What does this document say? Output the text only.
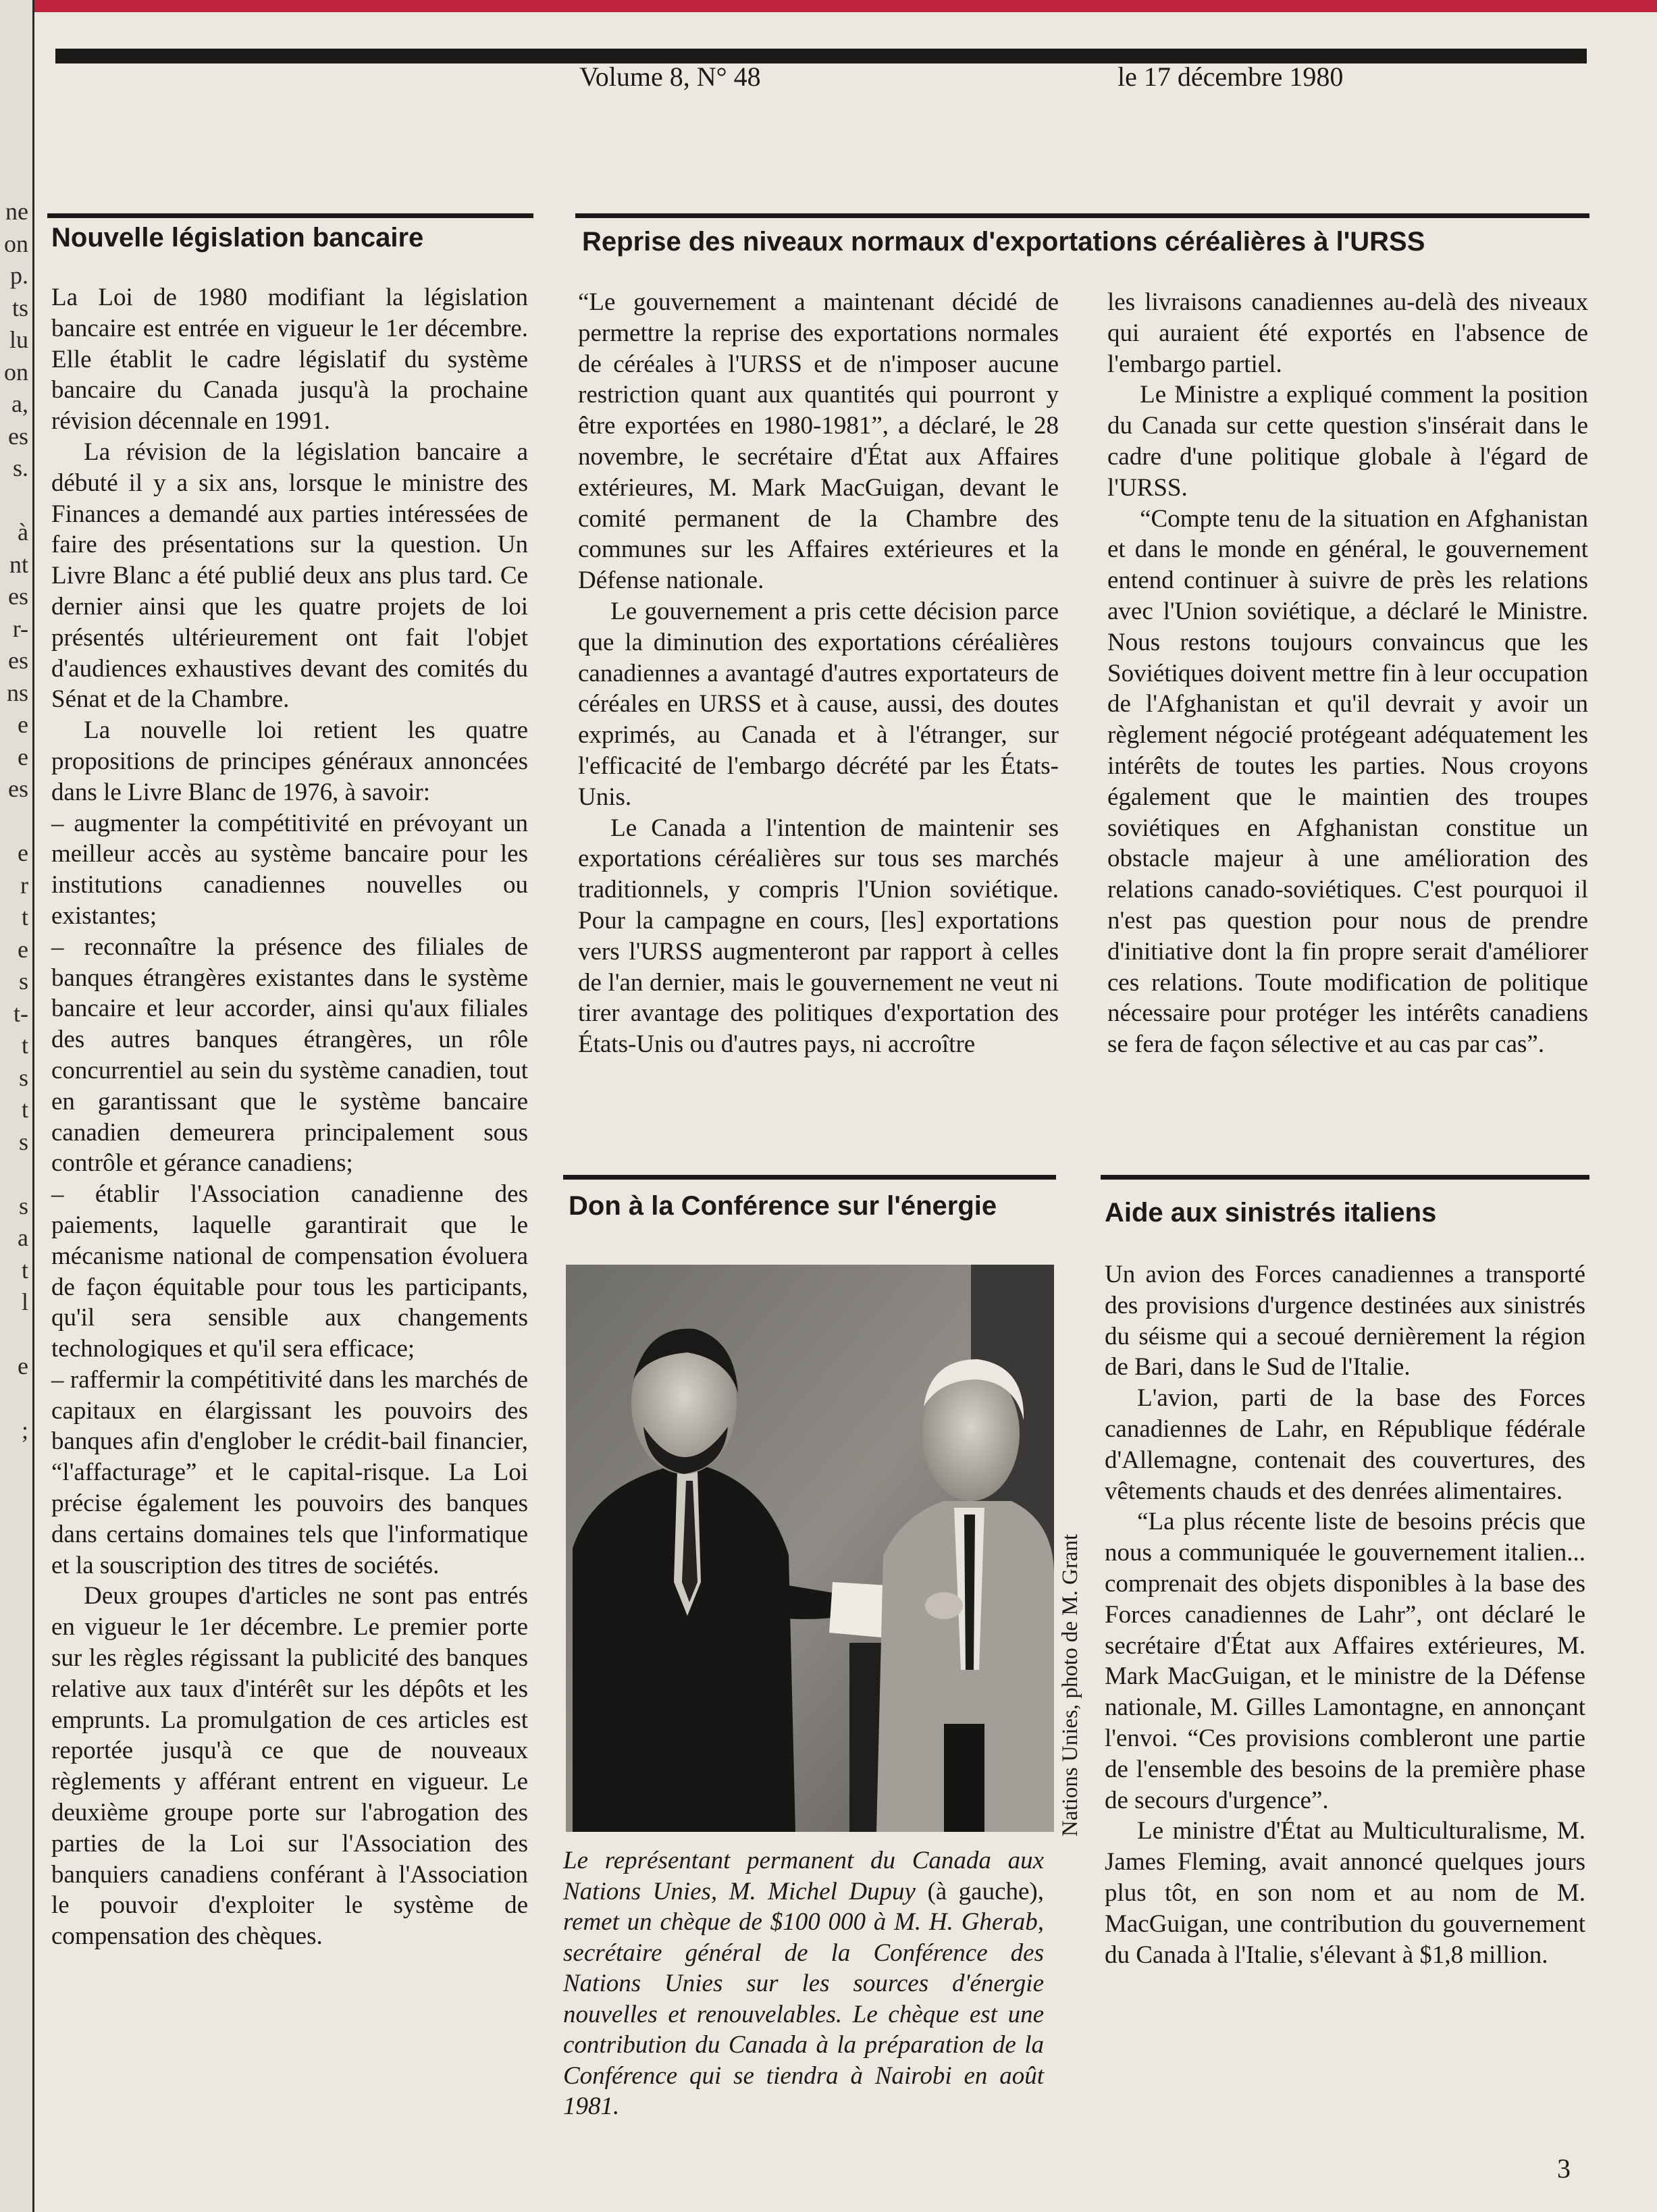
ne
on
p.
ts
lu
on
a,
es
s.

à
nt
es
r-
es
ns
e
e
es

e
r
t
e
s
t-
t
s
t
s

s
a
t
l

e

;
Volume 8, N° 48	le 17 décembre 1980
Nouvelle législation bancaire

La Loi de 1980 modifiant la législation bancaire est entrée en vigueur le 1er décembre. Elle établit le cadre législatif du système bancaire du Canada jusqu'à la prochaine révision décennale en 1991.

La révision de la législation bancaire a débuté il y a six ans, lorsque le ministre des Finances a demandé aux parties intéressées de faire des présentations sur la question. Un Livre Blanc a été publié deux ans plus tard. Ce dernier ainsi que les quatre projets de loi présentés ultérieurement ont fait l'objet d'audiences exhaustives devant des comités du Sénat et de la Chambre.

La nouvelle loi retient les quatre propositions de principes généraux annoncées dans le Livre Blanc de 1976, à savoir:

– augmenter la compétitivité en prévoyant un meilleur accès au système bancaire pour les institutions canadiennes nouvelles ou existantes;

– reconnaître la présence des filiales de banques étrangères existantes dans le système bancaire et leur accorder, ainsi qu'aux filiales des autres banques étrangères, un rôle concurrentiel au sein du système canadien, tout en garantissant que le système bancaire canadien demeurera principalement sous contrôle et gérance canadiens;

– établir l'Association canadienne des paiements, laquelle garantirait que le mécanisme national de compensation évoluera de façon équitable pour tous les participants, qu'il sera sensible aux changements technologiques et qu'il sera efficace;

– raffermir la compétitivité dans les marchés de capitaux en élargissant les pouvoirs des banques afin d'englober le crédit-bail financier, “l'affacturage” et le capital-risque. La Loi précise également les pouvoirs des banques dans certains domaines tels que l'informatique et la souscription des titres de sociétés.

Deux groupes d'articles ne sont pas entrés en vigueur le 1er décembre. Le premier porte sur les règles régissant la publicité des banques relative aux taux d'intérêt sur les dépôts et les emprunts. La promulgation de ces articles est reportée jusqu'à ce que de nouveaux règlements y afférant entrent en vigueur. Le deuxième groupe porte sur l'abrogation des parties de la Loi sur l'Association des banquiers canadiens conférant à l'Association le pouvoir d'exploiter le système de compensation des chèques.

Reprise des niveaux normaux d'exportations céréalières à l'URSS

“Le gouvernement a maintenant décidé de permettre la reprise des exportations normales de céréales à l'URSS et de n'imposer aucune restriction quant aux quantités qui pourront y être exportées en 1980-1981”, a déclaré, le 28 novembre, le secrétaire d'État aux Affaires extérieures, M. Mark MacGuigan, devant le comité permanent de la Chambre des communes sur les Affaires extérieures et la Défense nationale.

Le gouvernement a pris cette décision parce que la diminution des exportations céréalières canadiennes a avantagé d'autres exportateurs de céréales en URSS et à cause, aussi, des doutes exprimés, au Canada et à l'étranger, sur l'efficacité de l'embargo décrété par les États-Unis.

Le Canada a l'intention de maintenir ses exportations céréalières sur tous ses marchés traditionnels, y compris l'Union soviétique. Pour la campagne en cours, [les] exportations vers l'URSS augmenteront par rapport à celles de l'an dernier, mais le gouvernement ne veut ni tirer avantage des politiques d'exportation des États-Unis ou d'autres pays, ni accroître

les livraisons canadiennes au-delà des niveaux qui auraient été exportés en l'absence de l'embargo partiel.

Le Ministre a expliqué comment la position du Canada sur cette question s'insérait dans le cadre d'une politique globale à l'égard de l'URSS.

“Compte tenu de la situation en Afghanistan et dans le monde en général, le gouvernement entend continuer à suivre de près les relations avec l'Union soviétique, a déclaré le Ministre. Nous restons toujours convaincus que les Soviétiques doivent mettre fin à leur occupation de l'Afghanistan et qu'il devrait y avoir un règlement négocié protégeant adéquatement les intérêts de toutes les parties. Nous croyons également que le maintien des troupes soviétiques en Afghanistan constitue un obstacle majeur à une amélioration des relations canado-soviétiques. C'est pourquoi il n'est pas question pour nous de prendre d'initiative dont la fin propre serait d'améliorer ces relations. Toute modification de politique nécessaire pour protéger les intérêts canadiens se fera de façon sélective et au cas par cas”.

Don à la Conférence sur l'énergie
Nations Unies, photo de M. Grant
Le représentant permanent du Canada aux Nations Unies, M. Michel Dupuy (à gauche), remet un chèque de $100 000 à M. H. Gherab, secrétaire général de la Conférence des Nations Unies sur les sources d'énergie nouvelles et renouvelables. Le chèque est une contribution du Canada à la préparation de la Conférence qui se tiendra à Nairobi en août 1981.
Aide aux sinistrés italiens

Un avion des Forces canadiennes a transporté des provisions d'urgence destinées aux sinistrés du séisme qui a secoué dernièrement la région de Bari, dans le Sud de l'Italie.

L'avion, parti de la base des Forces canadiennes de Lahr, en République fédérale d'Allemagne, contenait des couvertures, des vêtements chauds et des denrées alimentaires.

“La plus récente liste de besoins précis que nous a communiquée le gouvernement italien... comprenait des objets disponibles à la base des Forces canadiennes de Lahr”, ont déclaré le secrétaire d'État aux Affaires extérieures, M. Mark MacGuigan, et le ministre de la Défense nationale, M. Gilles Lamontagne, en annonçant l'envoi. “Ces provisions combleront une partie de l'ensemble des besoins de la première phase de secours d'urgence”.

Le ministre d'État au Multiculturalisme, M. James Fleming, avait annoncé quelques jours plus tôt, en son nom et au nom de M. MacGuigan, une contribution du gouvernement du Canada à l'Italie, s'élevant à $1,8 million.

3
